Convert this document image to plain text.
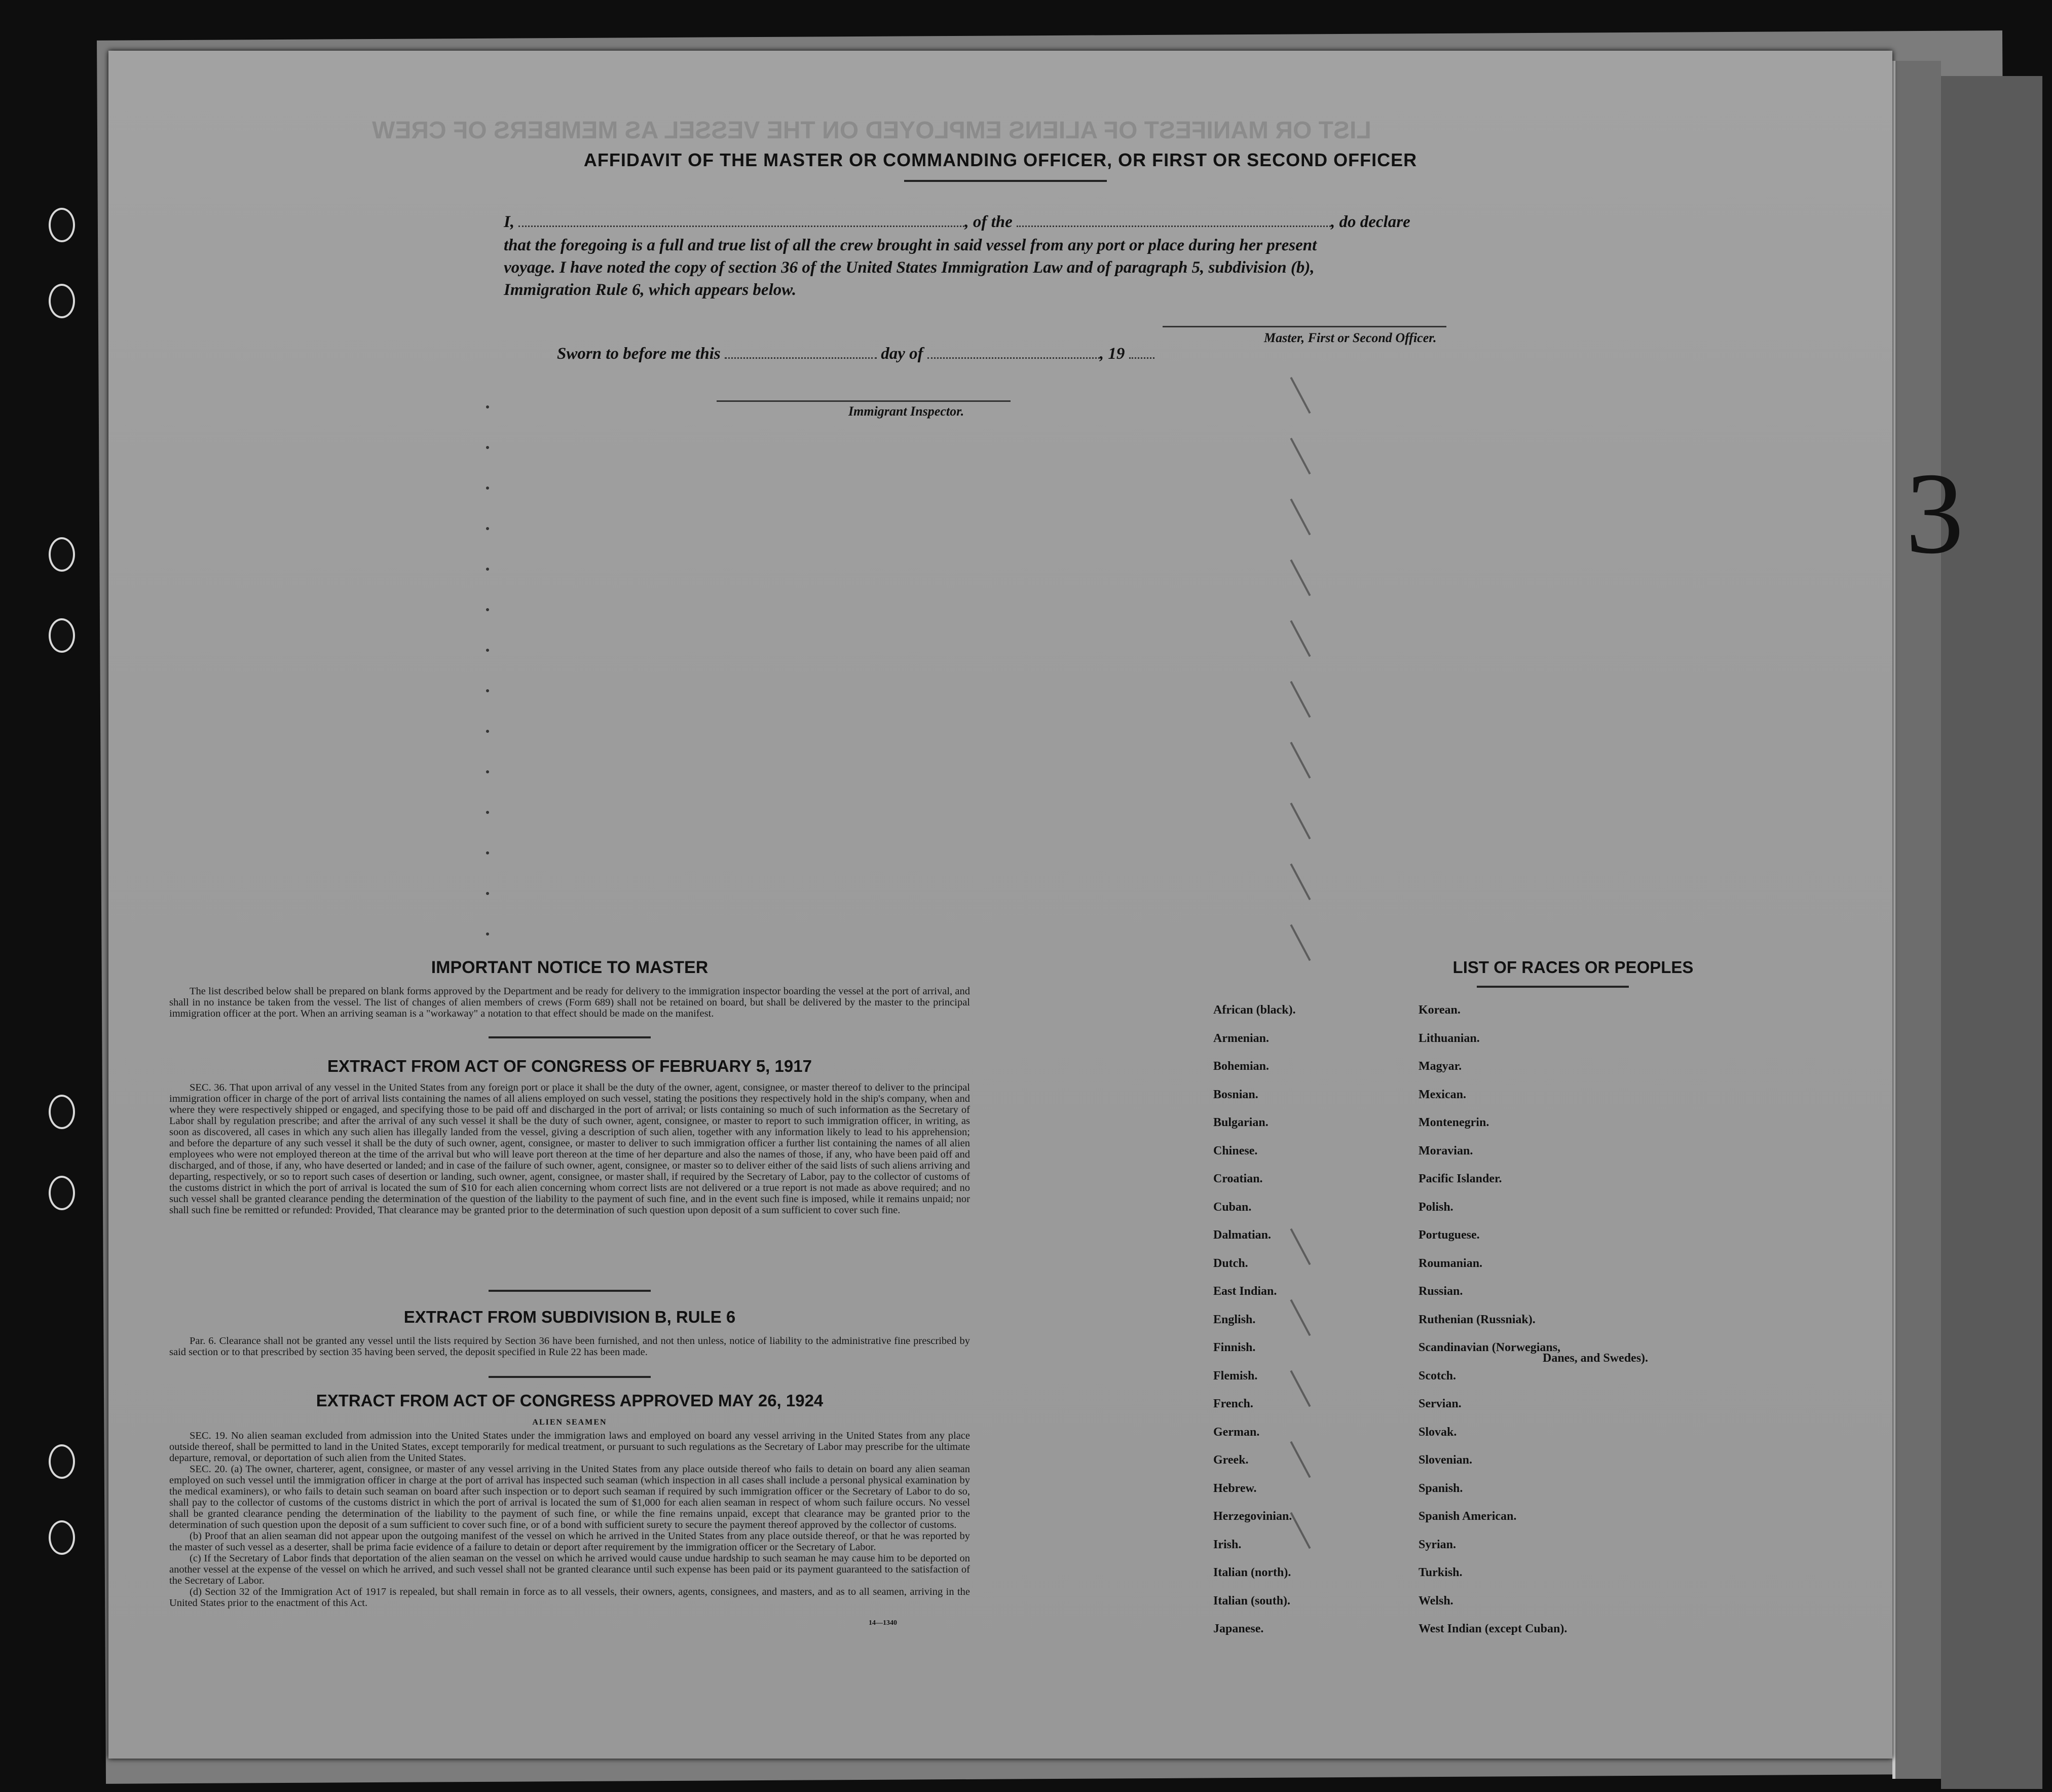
LIST OR MANIFEST OF ALIENS EMPLOYED ON THE VESSEL AS MEMBERS OF CREW
AFFIDAVIT OF THE MASTER OR COMMANDING OFFICER, OR FIRST OR SECOND OFFICER
I,	, of the	, do declare
that the foregoing is a full and true list of all the crew brought in said vessel from any port or place during her present
voyage. I have noted the copy of section 36 of the United States Immigration Law and of paragraph 5, subdivision (b),
Immigration Rule 6, which appears below.
Master, First or Second Officer.
Sworn to before me this	day of	, 19
Immigrant Inspector.
IMPORTANT NOTICE TO MASTER

The list described below shall be prepared on blank forms approved by the Department and be ready for delivery to the immigration inspector boarding the vessel at the port of arrival, and shall in no instance be taken from the vessel. The list of changes of alien members of crews (Form 689) shall not be retained on board, but shall be delivered by the master to the principal immigration officer at the port. When an arriving seaman is a "workaway" a notation to that effect should be made on the manifest.

EXTRACT FROM ACT OF CONGRESS OF FEBRUARY 5, 1917

SEC. 36. That upon arrival of any vessel in the United States from any foreign port or place it shall be the duty of the owner, agent, consignee, or master thereof to deliver to the principal immigration officer in charge of the port of arrival lists containing the names of all aliens employed on such vessel, stating the positions they respectively hold in the ship's company, when and where they were respectively shipped or engaged, and specifying those to be paid off and discharged in the port of arrival; or lists containing so much of such information as the Secretary of Labor shall by regulation prescribe; and after the arrival of any such vessel it shall be the duty of such owner, agent, consignee, or master to report to such immigration officer, in writing, as soon as discovered, all cases in which any such alien has illegally landed from the vessel, giving a description of such alien, together with any information likely to lead to his apprehension; and before the departure of any such vessel it shall be the duty of such owner, agent, consignee, or master to deliver to such immigration officer a further list containing the names of all alien employees who were not employed thereon at the time of the arrival but who will leave port thereon at the time of her departure and also the names of those, if any, who have been paid off and discharged, and of those, if any, who have deserted or landed; and in case of the failure of such owner, agent, consignee, or master so to deliver either of the said lists of such aliens arriving and departing, respectively, or so to report such cases of desertion or landing, such owner, agent, consignee, or master shall, if required by the Secretary of Labor, pay to the collector of customs of the customs district in which the port of arrival is located the sum of $10 for each alien concerning whom correct lists are not delivered or a true report is not made as above required; and no such vessel shall be granted clearance pending the determination of the question of the liability to the payment of such fine, and in the event such fine is imposed, while it remains unpaid; nor shall such fine be remitted or refunded: Provided, That clearance may be granted prior to the determination of such question upon deposit of a sum sufficient to cover such fine.

EXTRACT FROM SUBDIVISION B, RULE 6

Par. 6. Clearance shall not be granted any vessel until the lists required by Section 36 have been furnished, and not then unless, notice of liability to the administrative fine prescribed by said section or to that prescribed by section 35 having been served, the deposit specified in Rule 22 has been made.

EXTRACT FROM ACT OF CONGRESS APPROVED MAY 26, 1924
ALIEN SEAMEN

SEC. 19. No alien seaman excluded from admission into the United States under the immigration laws and employed on board any vessel arriving in the United States from any place outside thereof, shall be permitted to land in the United States, except temporarily for medical treatment, or pursuant to such regulations as the Secretary of Labor may prescribe for the ultimate departure, removal, or deportation of such alien from the United States.

SEC. 20. (a) The owner, charterer, agent, consignee, or master of any vessel arriving in the United States from any place outside thereof who fails to detain on board any alien seaman employed on such vessel until the immigration officer in charge at the port of arrival has inspected such seaman (which inspection in all cases shall include a personal physical examination by the medical examiners), or who fails to detain such seaman on board after such inspection or to deport such seaman if required by such immigration officer or the Secretary of Labor to do so, shall pay to the collector of customs of the customs district in which the port of arrival is located the sum of $1,000 for each alien seaman in respect of whom such failure occurs. No vessel shall be granted clearance pending the determination of the liability to the payment of such fine, or while the fine remains unpaid, except that clearance may be granted prior to the determination of such question upon the deposit of a sum sufficient to cover such fine, or of a bond with sufficient surety to secure the payment thereof approved by the collector of customs.

(b) Proof that an alien seaman did not appear upon the outgoing manifest of the vessel on which he arrived in the United States from any place outside thereof, or that he was reported by the master of such vessel as a deserter, shall be prima facie evidence of a failure to detain or deport after requirement by the immigration officer or the Secretary of Labor.

(c) If the Secretary of Labor finds that deportation of the alien seaman on the vessel on which he arrived would cause undue hardship to such seaman he may cause him to be deported on another vessel at the expense of the vessel on which he arrived, and such vessel shall not be granted clearance until such expense has been paid or its payment guaranteed to the satisfaction of the Secretary of Labor.

(d) Section 32 of the Immigration Act of 1917 is repealed, but shall remain in force as to all vessels, their owners, agents, consignees, and masters, and as to all seamen, arriving in the United States prior to the enactment of this Act.

14—1340
LIST OF RACES OR PEOPLES
African (black).
Armenian.
Bohemian.
Bosnian.
Bulgarian.
Chinese.
Croatian.
Cuban.
Dalmatian.
Dutch.
East Indian.
English.
Finnish.
Flemish.
French.
German.
Greek.
Hebrew.
Herzegovinian.
Irish.
Italian (north).
Italian (south).
Japanese.
Korean.
Lithuanian.
Magyar.
Mexican.
Montenegrin.
Moravian.
Pacific Islander.
Polish.
Portuguese.
Roumanian.
Russian.
Ruthenian (Russniak).
Scandinavian (Norwegians,
Danes, and Swedes).
Scotch.
Servian.
Slovak.
Slovenian.
Spanish.
Spanish American.
Syrian.
Turkish.
Welsh.
West Indian (except Cuban).
3
